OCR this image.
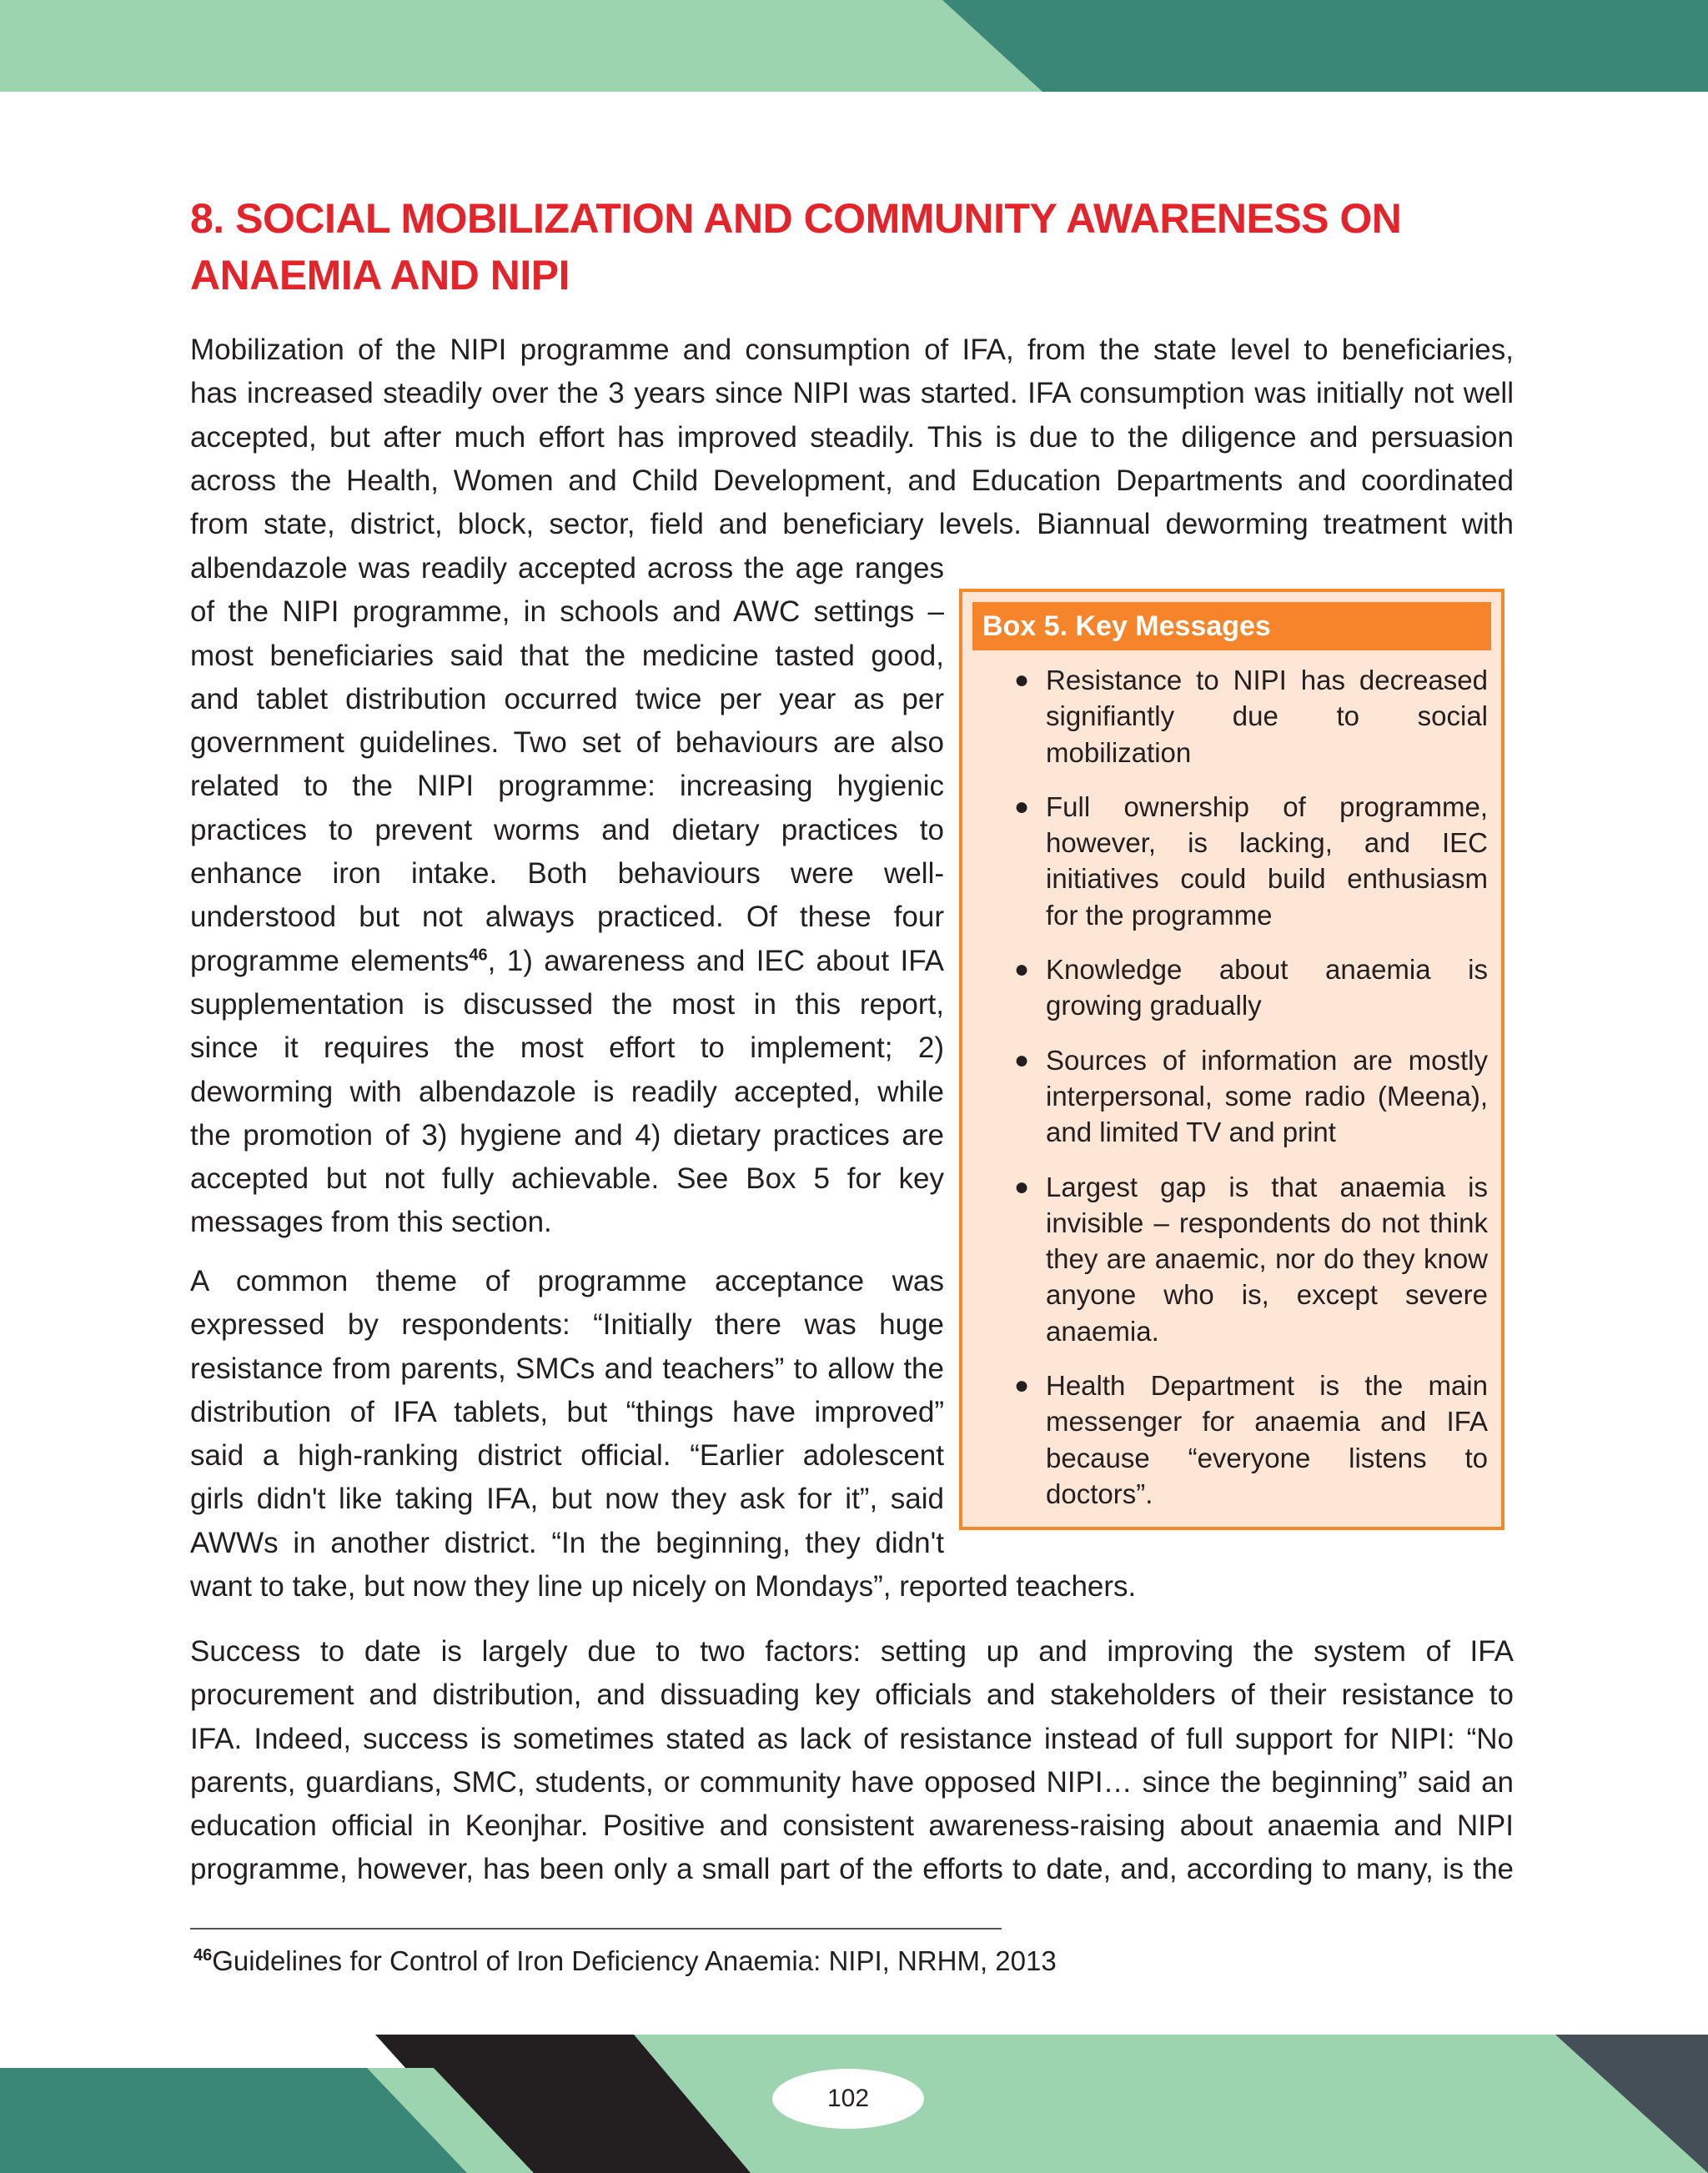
8. SOCIAL MOBILIZATION AND COMMUNITY AWARENESS ON
ANAEMIA AND NIPI

Mobilization of the NIPI programme and consumption of IFA, from the state level to beneficiaries,
has increased steadily over the 3 years since NIPI was started. IFA consumption was initially not well
accepted, but after much effort has improved steadily. This is due to the diligence and persuasion
across the Health, Women and Child Development, and Education Departments and coordinated
from state, district, block, sector, field and beneficiary levels. Biannual deworming treatment with

albendazole was readily accepted across the age ranges
of the NIPI programme, in schools and AWC settings –
most beneficiaries said that the medicine tasted good,
and tablet distribution occurred twice per year as per
government guidelines. Two set of behaviours are also
related to the NIPI programme: increasing hygienic
practices to prevent worms and dietary practices to
enhance iron intake. Both behaviours were well-
understood but not always practiced. Of these four
programme elements$^{46}$, 1) awareness and IEC about IFA
supplementation is discussed the most in this report,
since it requires the most effort to implement; 2)
deworming with albendazole is readily accepted, while
the promotion of 3) hygiene and 4) dietary practices are
accepted but not fully achievable. See Box 5 for key
messages from this section.

A common theme of programme acceptance was
expressed by respondents: “Initially there was huge
resistance from parents, SMCs and teachers” to allow the
distribution of IFA tablets, but “things have improved”
said a high-ranking district official. “Earlier adolescent
girls didn't like taking IFA, but now they ask for it”, said
AWWs in another district. “In the beginning, they didn't
want to take, but now they line up nicely on Mondays”, reported teachers.

Success to date is largely due to two factors: setting up and improving the system of IFA
procurement and distribution, and dissuading key officials and stakeholders of their resistance to
IFA. Indeed, success is sometimes stated as lack of resistance instead of full support for NIPI: “No
parents, guardians, SMC, students, or community have opposed NIPI… since the beginning” said an
education official in Keonjhar. Positive and consistent awareness-raising about anaemia and NIPI
programme, however, has been only a small part of the efforts to date, and, according to many, is the

Box 5. Key Messages
● Resistance to NIPI has decreased
signifiantly due to social
mobilization
● Full ownership of programme,
however, is lacking, and IEC
initiatives could build enthusiasm
for the programme
● Knowledge about anaemia is
growing gradually
● Sources of information are mostly
interpersonal, some radio (Meena),
and limited TV and print
● Largest gap is that anaemia is
invisible – respondents do not think
they are anaemic, nor do they know
anyone who is, except severe
anaemia.
● Health Department is the main
messenger for anaemia and IFA
because “everyone listens to
doctors”.
$^{46}$Guidelines for Control of Iron Deficiency Anaemia: NIPI, NRHM, 2013
102
